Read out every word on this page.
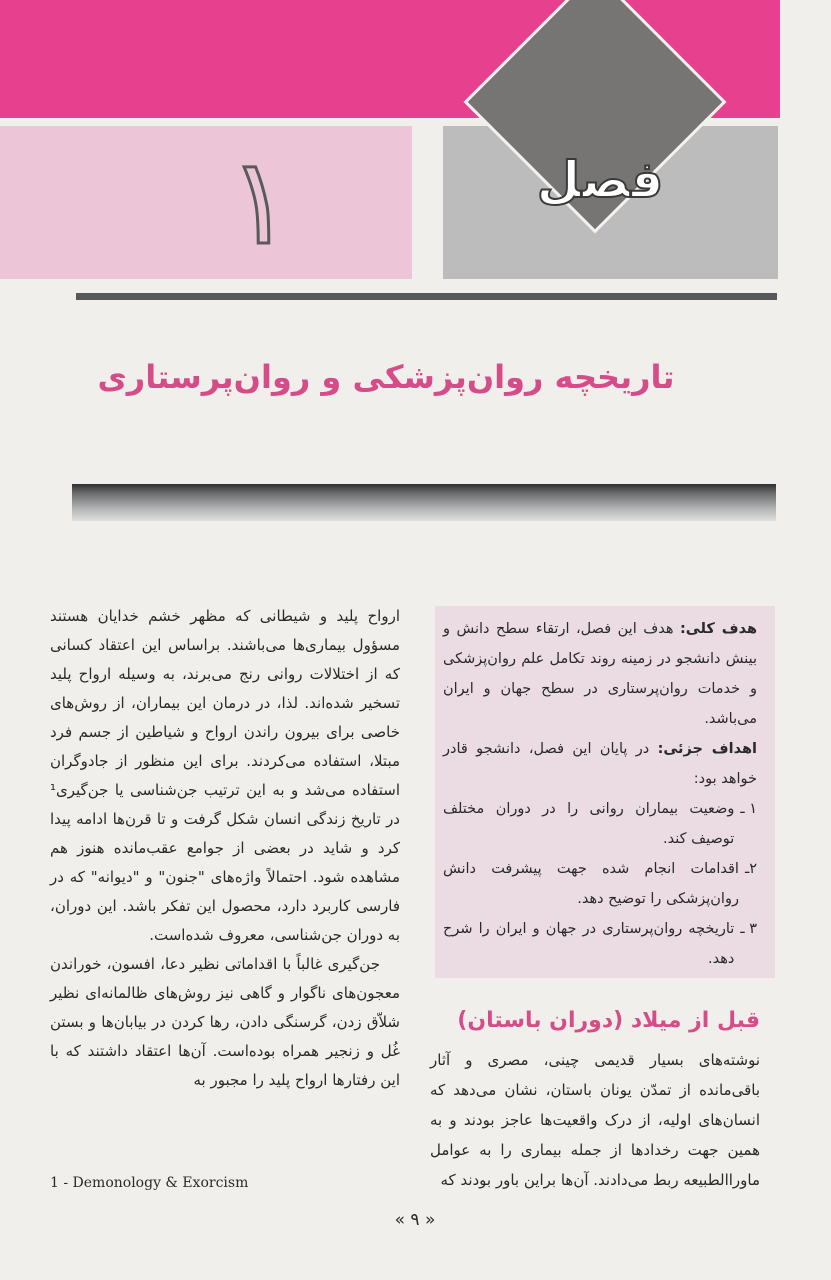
۱	فصل
تاریخچه روان‌پزشکی و روان‌پرستاری

هدف کلی: هدف این فصل، ارتقاء سطح دانش و بینش دانشجو در زمینه روند تکامل علم روان‌پزشکی و خدمات روان‌پرستاری در سطح جهان و ایران می‌باشد.

اهداف جزئی: در پایان این فصل، دانشجو قادر خواهد بود:

۱ ـ
وضعیت بیماران روانی را در دوران مختلف توصیف کند.
۲ـ
اقدامات انجام شده جهت پیشرفت دانش روان‌پزشکی را توضیح دهد.
۳ ـ
تاریخچه روان‌پرستاری در جهان و ایران را شرح دهد.
قبل از میلاد (دوران باستان)

نوشته‌های بسیار قدیمی چینی، مصری و آثار باقی‌مانده از تمدّن یونان باستان، نشان می‌دهد که انسان‌های اولیه، از درک واقعیت‌ها عاجز بودند و به همین جهت رخدادها از جمله بیماری را به عوامل ماوراالطبیعه ربط می‌دادند. آن‌ها براین باور بودند که

ارواح پلید و شیطانی که مظهر خشم خدایان هستند مسؤول بیماری‌ها می‌باشند. براساس این اعتقاد کسانی که از اختلالات روانی رنج می‌برند، به وسیله ارواح پلید تسخیر شده‌اند. لذا، در درمان این بیماران، از روش‌های خاصی برای بیرون راندن ارواح و شیاطین از جسم فرد مبتلا، استفاده می‌کردند. برای این منظور از جادوگران استفاده می‌شد و به این ترتیب جن‌شناسی یا جن‌گیری¹ در تاریخ زندگی انسان شکل گرفت و تا قرن‌ها ادامه پیدا کرد و شاید در بعضی از جوامع عقب‌مانده هنوز هم مشاهده شود. احتمالاً واژه‌های "جنون" و "دیوانه" که در فارسی کاربرد دارد، محصول این تفکر باشد. این دوران، به دوران جن‌شناسی، معروف شده‌است.

جن‌گیری غالباً با اقداماتی نظیر دعا، افسون، خوراندن معجون‌های ناگوار و گاهی نیز روش‌های ظالمانه‌ای نظیر شلاّق زدن، گرسنگی دادن، رها کردن در بیابان‌ها و بستن غُل و زنجیر همراه بوده‌است. آن‌ها اعتقاد داشتند که با این رفتارها ارواح پلید را مجبور به

1 - Demonology & Exorcism
« ۹ »
